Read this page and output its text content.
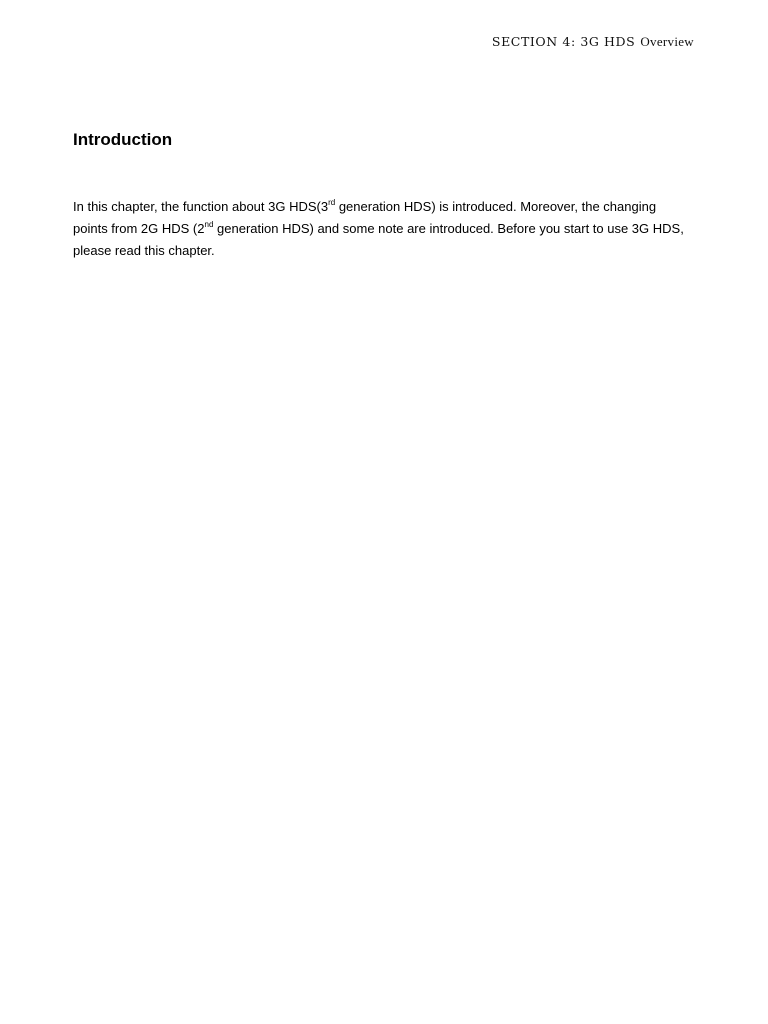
SECTION 4: 3G HDS Overview
Introduction

In this chapter, the function about 3G HDS(3rd generation HDS) is introduced. Moreover, the changing points from 2G HDS (2nd generation HDS) and some note are introduced. Before you start to use 3G HDS, please read this chapter.
